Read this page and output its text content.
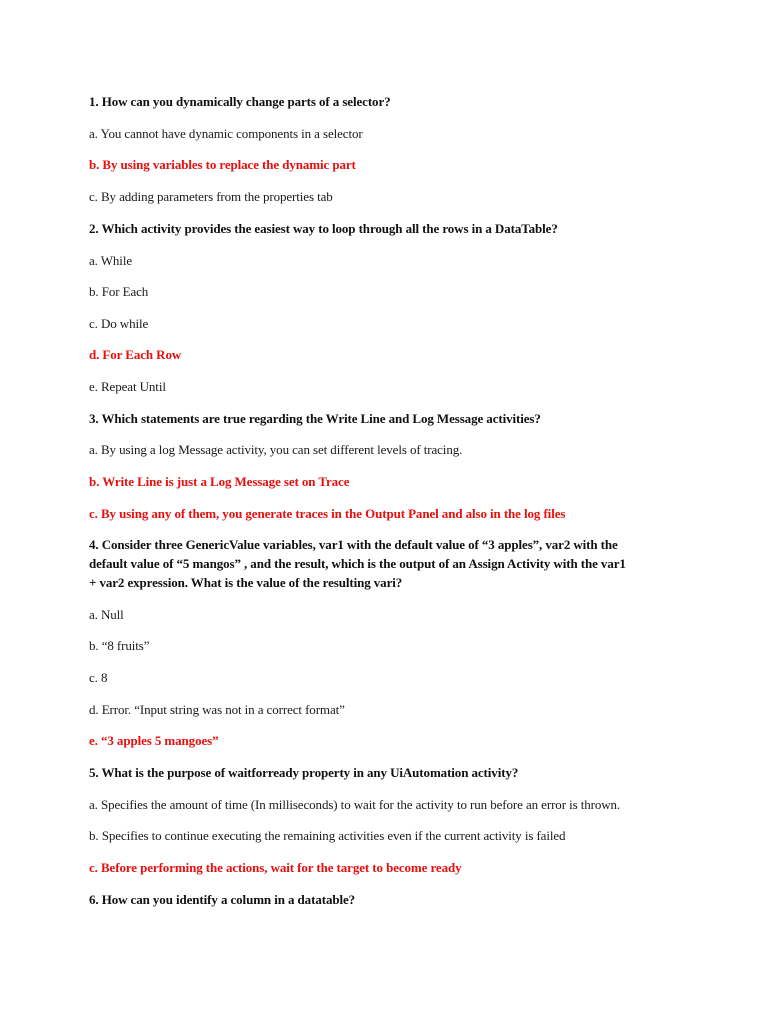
1. How can you dynamically change parts of a selector?
a. You cannot have dynamic components in a selector
b. By using variables to replace the dynamic part
c. By adding parameters from the properties tab
2. Which activity provides the easiest way to loop through all the rows in a DataTable?
a. While
b. For Each
c. Do while
d. For Each Row
e. Repeat Until
3. Which statements are true regarding the Write Line and Log Message activities?
a. By using a log Message activity, you can set different levels of tracing.
b. Write Line is just a Log Message set on Trace
c. By using any of them, you generate traces in the Output Panel and also in the log files
4. Consider three GenericValue variables, var1 with the default value of “3 apples”, var2 with the
default value of “5 mangos” , and the result, which is the output of an Assign Activity with the var1
+ var2 expression. What is the value of the resulting vari?
a. Null
b. “8 fruits”
c. 8
d. Error. “Input string was not in a correct format”
e. “3 apples 5 mangoes”
5. What is the purpose of waitforready property in any UiAutomation activity?
a. Specifies the amount of time (In milliseconds) to wait for the activity to run before an error is thrown.
b. Specifies to continue executing the remaining activities even if the current activity is failed
c. Before performing the actions, wait for the target to become ready
6. How can you identify a column in a datatable?
